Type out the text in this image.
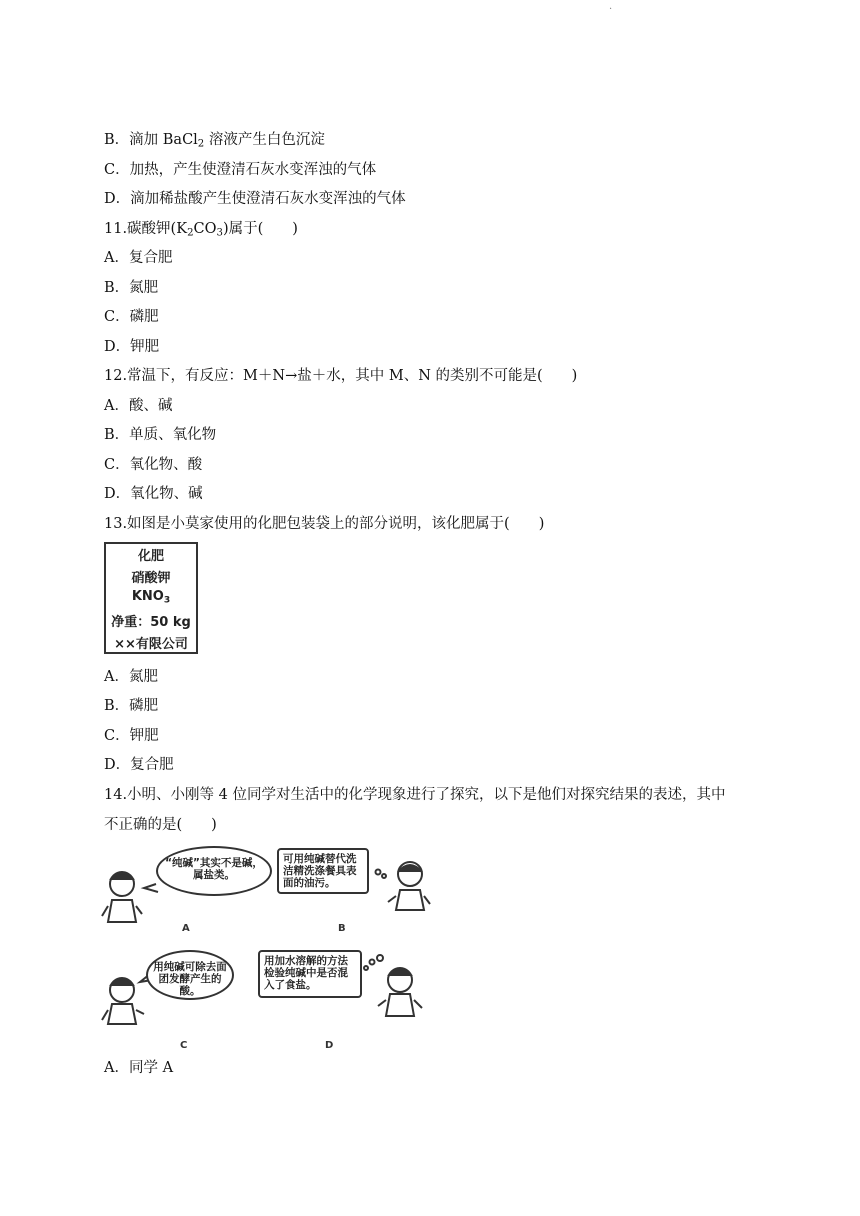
·
B．滴加 BaCl$_2$ 溶液产生白色沉淀
C．加热，产生使澄清石灰水变浑浊的气体
D．滴加稀盐酸产生使澄清石灰水变浑浊的气体
11.碳酸钾$(K_2CO_3)$属于(　　)
A．复合肥
B．氮肥
C．磷肥
D．钾肥
12.常温下，有反应：M＋N→盐＋水，其中 M、N 的类别不可能是(　　)
A．酸、碱
B．单质、氧化物
C．氧化物、酸
D．氧化物、碱
13.如图是小莫家使用的化肥包装袋上的部分说明，该化肥属于(　　)
化肥
硝酸钾
$KNO_3$
净重：50 kg
××有限公司
A．氮肥
B．磷肥
C．钾肥
D．复合肥
14.小明、小刚等 4 位同学对生活中的化学现象进行了探究，以下是他们对探究结果的表述，其中
不正确的是(　　)
“纯碱”其实不是碱，属盐类。
可用纯碱替代洗洁精洗涤餐具表面的油污。
用纯碱可除去面团发酵产生的酸。
用加水溶解的方法检验纯碱中是否混入了食盐。
A	B
C	D
A．同学 A
